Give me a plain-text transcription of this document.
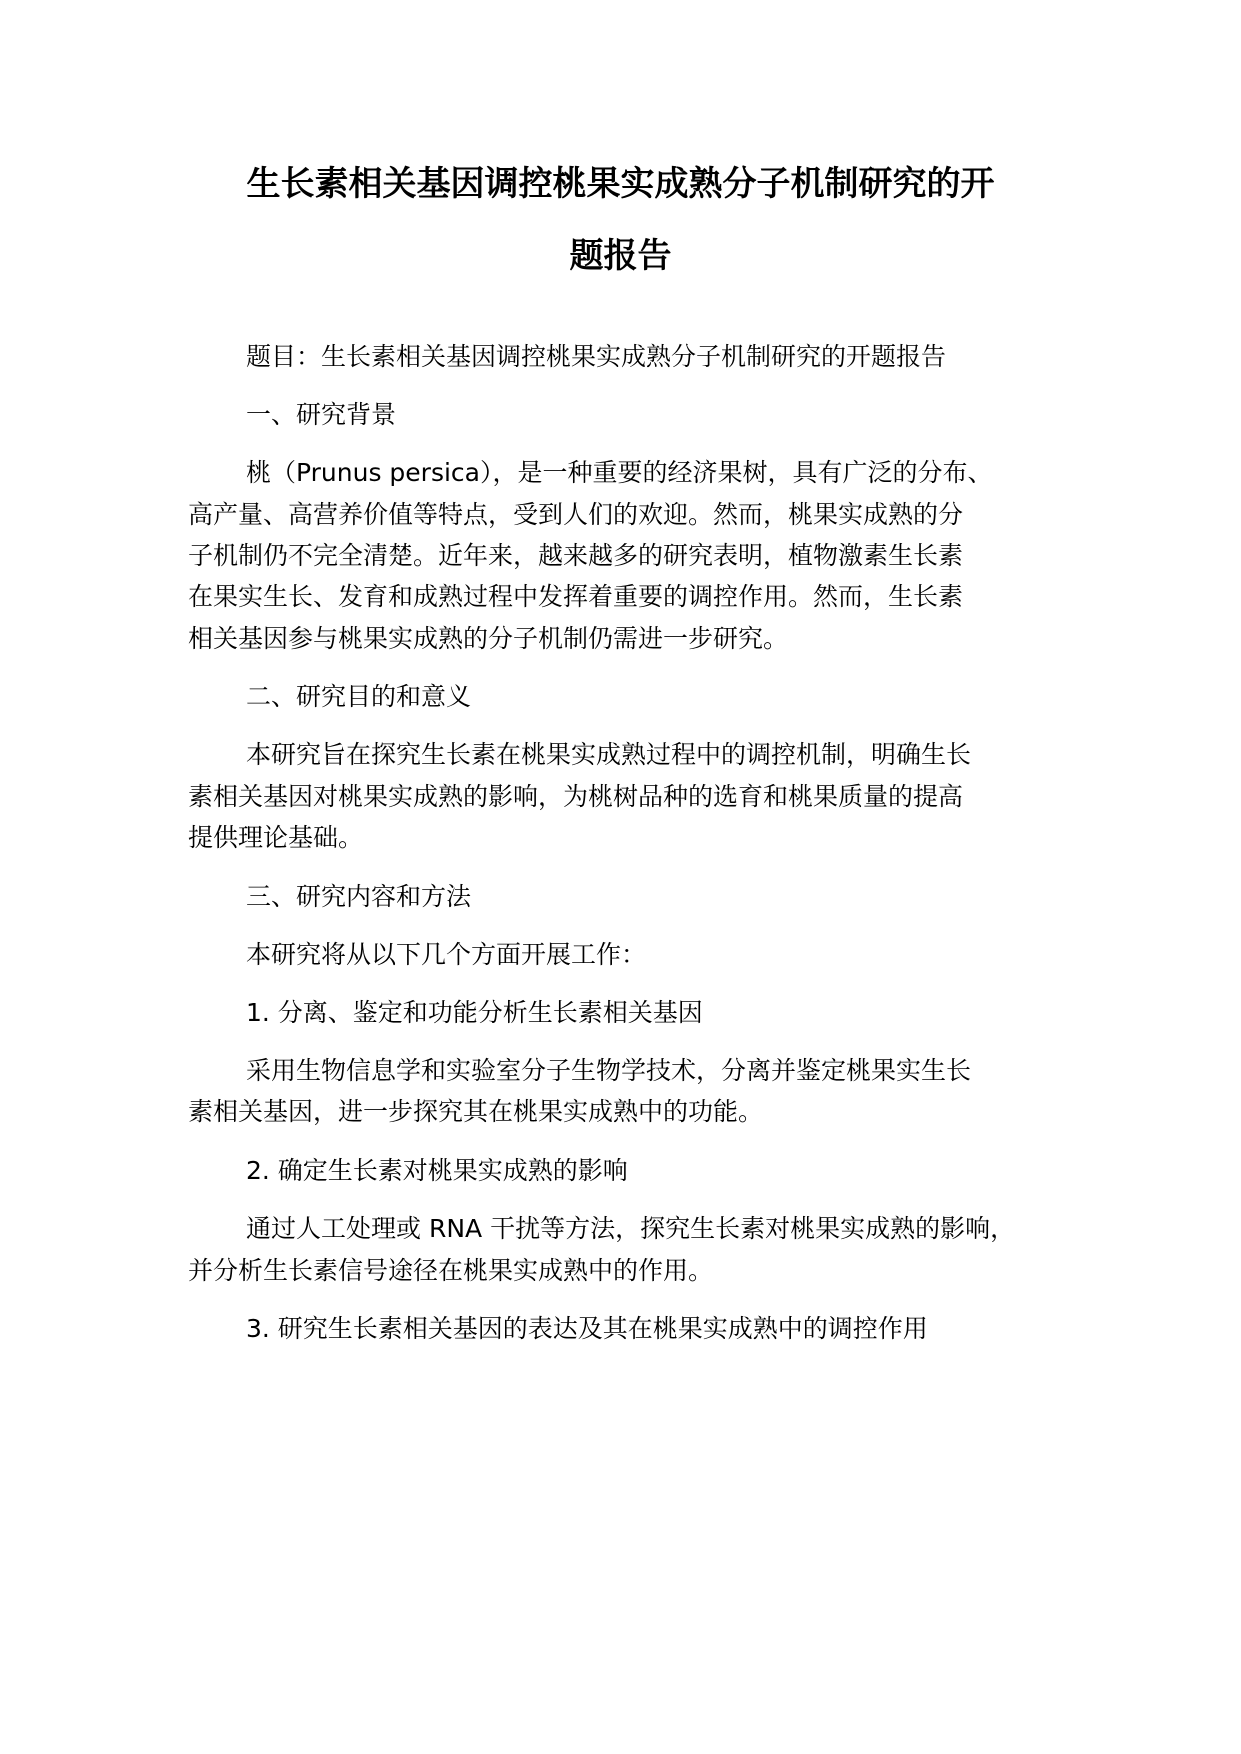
生长素相关基因调控桃果实成熟分子机制研究的开
题报告
题目：生长素相关基因调控桃果实成熟分子机制研究的开题报告
一、研究背景
桃（Prunus persica），是一种重要的经济果树，具有广泛的分布、
高产量、高营养价值等特点，受到人们的欢迎。然而，桃果实成熟的分
子机制仍不完全清楚。近年来，越来越多的研究表明，植物激素生长素
在果实生长、发育和成熟过程中发挥着重要的调控作用。然而，生长素
相关基因参与桃果实成熟的分子机制仍需进一步研究。
二、研究目的和意义
本研究旨在探究生长素在桃果实成熟过程中的调控机制，明确生长
素相关基因对桃果实成熟的影响，为桃树品种的选育和桃果质量的提高
提供理论基础。
三、研究内容和方法
本研究将从以下几个方面开展工作：
1. 分离、鉴定和功能分析生长素相关基因
采用生物信息学和实验室分子生物学技术，分离并鉴定桃果实生长
素相关基因，进一步探究其在桃果实成熟中的功能。
2. 确定生长素对桃果实成熟的影响
通过人工处理或 RNA 干扰等方法，探究生长素对桃果实成熟的影响，
并分析生长素信号途径在桃果实成熟中的作用。
3. 研究生长素相关基因的表达及其在桃果实成熟中的调控作用
